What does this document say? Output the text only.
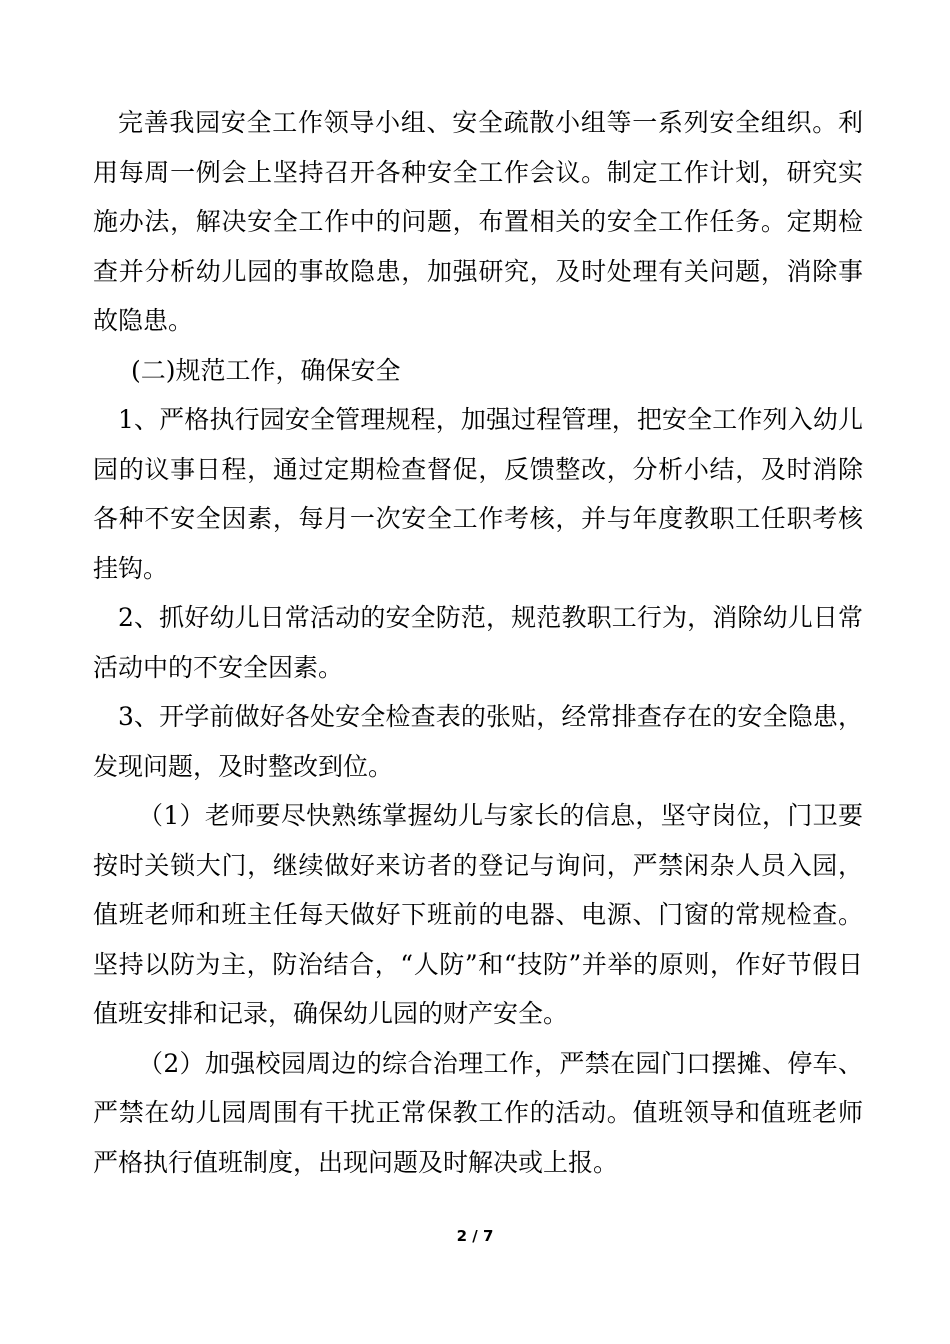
完善我园安全工作领导小组、安全疏散小组等一系列安全组织。利用每周一例会上坚持召开各种安全工作会议。制定工作计划，研究实施办法，解决安全工作中的问题，布置相关的安全工作任务。定期检查并分析幼儿园的事故隐患，加强研究，及时处理有关问题，消除事故隐患。

(二)规范工作，确保安全

1、严格执行园安全管理规程，加强过程管理，把安全工作列入幼儿园的议事日程，通过定期检查督促，反馈整改，分析小结，及时消除各种不安全因素，每月一次安全工作考核，并与年度教职工任职考核挂钩。

2、抓好幼儿日常活动的安全防范，规范教职工行为，消除幼儿日常活动中的不安全因素。

3、开学前做好各处安全检查表的张贴，经常排查存在的安全隐患，发现问题，及时整改到位。

（1）老师要尽快熟练掌握幼儿与家长的信息，坚守岗位，门卫要按时关锁大门，继续做好来访者的登记与询问，严禁闲杂人员入园， 值班老师和班主任每天做好下班前的电器、电源、门窗的常规检查。坚持以防为主，防治结合，“人防”和“技防”并举的原则，作好节假日值班安排和记录，确保幼儿园的财产安全。

（2）加强校园周边的综合治理工作，严禁在园门口摆摊、停车、严禁在幼儿园周围有干扰正常保教工作的活动。值班领导和值班老师严格执行值班制度，出现问题及时解决或上报。

2 / 7
